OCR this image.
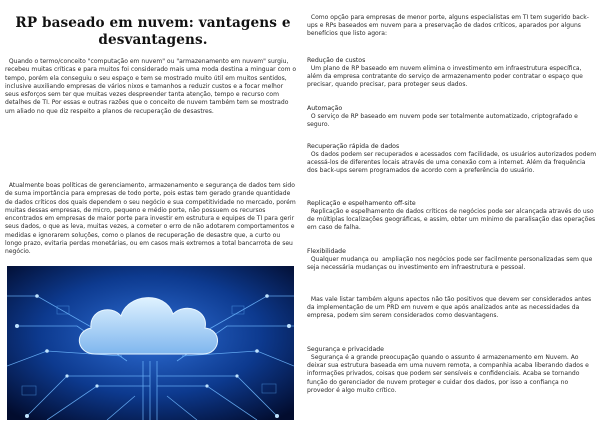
RP baseado em nuvem: vantagens e desvantagens.
Quando o termo/conceito "computação em nuvem" ou "armazenamento em nuvem" surgiu, recebeu muitas críticas e para muitos foi considerado mais uma moda destina a minguar com o tempo, porém ela conseguiu o seu espaço e tem se mostrado muito útil em muitos sentidos, inclusive auxiliando empresas de vários nixos e tamanhos a reduzir custos e a focar melhor seus esforços sem ter que muitas vezes despreender tanta atenção, tempo e recurso com detalhes de TI. Por essas e outras razões que o conceito de nuvem também tem se mostrado um aliado no que diz respeito a planos de recuperação de desastres.
Atualmente boas políticas de gerenciamento, armazenamento e segurança de dados tem sido de suma importância para empresas de todo porte, pois estas tem gerado grande quantidade de dados críticos dos quais dependem o seu negócio e sua competitividade no mercado, porém muitas dessas empresas, de micro, pequeno e médio porte, não possuem os recursos encontrados em empresas de maior porte para investir em estrutura e equipes de TI para gerir seus dados, o que as leva, muitas vezes, a cometer o erro de não adotarem comportamentos e medidas e ignorarem soluções, como o planos de recuperação de desastre que, a curto ou longo prazo, evitaria perdas monetárias, ou em casos mais extremos a total bancarrota de seu negócio.
Como opção para empresas de menor porte, alguns especialistas em TI tem sugerido back-ups e RPs baseados em nuvem para a preservação de dados críticos, aparados por alguns benefícios que listo agora:
Redução de custos
Um plano de RP baseado em nuvem elimina o investimento em infraestrutura específica, além da empresa contratante do serviço de armazenamento poder contratar o espaço que precisar, quando precisar, para proteger seus dados.
Automação
O serviço de RP baseado em nuvem pode ser totalmente automatizado, criptografado e seguro.
Recuperação rápida de dados
Os dados podem ser recuperados e acessados com facilidade, os usuários autorizados podem acessá-los de diferentes locais através de uma conexão com a internet. Além da frequência dos back-ups serem programados de acordo com a preferência do usuário.
Replicação e espelhamento off-site
Replicação e espelhamento de dados críticos de negócios pode ser alcançada através do uso de múltiplas localizações geográficas, e assim, obter um mínimo de paralisação das operações em caso de falha.
Flexibilidade
Qualquer mudança ou  ampliação nos negócios pode ser facilmente personalizadas sem que seja necessária mudanças ou investimento em infraestrutura e pessoal.
Mas vale listar também alguns apectos não tão positivos que devem ser considerados antes da implementação de um PRD em nuvem e que após analizados ante as necessidades da empresa, podem sim serem considerados como desvantagens.
Segurança e privacidade
Segurança é a grande preocupação quando o assunto é armazenamento em Nuvem. Ao deixar sua estrutura baseada em uma nuvem remota, a companhia acaba liberando dados e informações privados, coisas que podem ser sensíveis e confidenciais. Acaba se tornando função do gerenciador de nuvem proteger e cuidar dos dados, por isso a confiança no provedor é algo muito crítico.
